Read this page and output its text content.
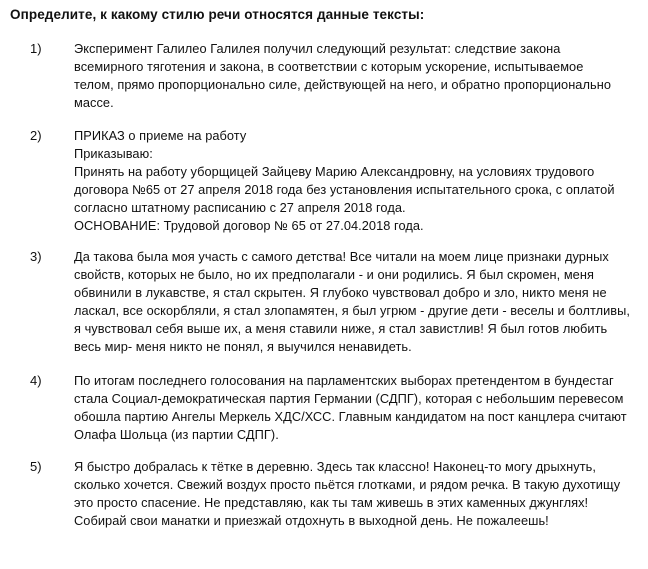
Определите, к какому стилю речи относятся данные тексты:
1)	Эксперимент Галилео Галилея получил следующий результат: следствие закона
всемирного тяготения и закона, в соответствии с которым ускорение, испытываемое
телом, прямо пропорционально силе, действующей на него, и обратно пропорционально
массе.
2)	ПРИКАЗ о приеме на работу
Приказываю:
Принять на работу уборщицей Зайцеву Марию Александровну, на условиях трудового
договора №65 от 27 апреля 2018 года без установления испытательного срока, с оплатой
согласно штатному расписанию с 27 апреля 2018 года.
ОСНОВАНИЕ: Трудовой договор № 65 от 27.04.2018 года.
3)	Да такова была моя участь с самого детства! Все читали на моем лице признаки дурных
свойств, которых не было, но их предполагали - и они родились. Я был скромен, меня
обвинили в лукавстве, я стал скрытен. Я глубоко чувствовал добро и зло, никто меня не
ласкал, все оскорбляли, я стал злопамятен, я был угрюм - другие дети - веселы и болтливы,
я чувствовал себя выше их, а меня ставили ниже, я стал завистлив! Я был готов любить
весь мир- меня никто не понял, я выучился ненавидеть.
4)	По итогам последнего голосования на парламентских выборах претендентом в бундестаг
стала Социал-демократическая партия Германии (СДПГ), которая с небольшим перевесом
обошла партию Ангелы Меркель ХДС/ХСС. Главным кандидатом на пост канцлера считают
Олафа Шольца (из партии СДПГ).
5)	Я быстро добралась к тётке в деревню. Здесь так классно! Наконец-то могу дрыхнуть,
сколько хочется. Свежий воздух просто пьётся глотками, и рядом речка. В такую духотищу
это просто спасение. Не представляю, как ты там живешь в этих каменных джунглях!
Собирай свои манатки и приезжай отдохнуть в выходной день. Не пожалеешь!
